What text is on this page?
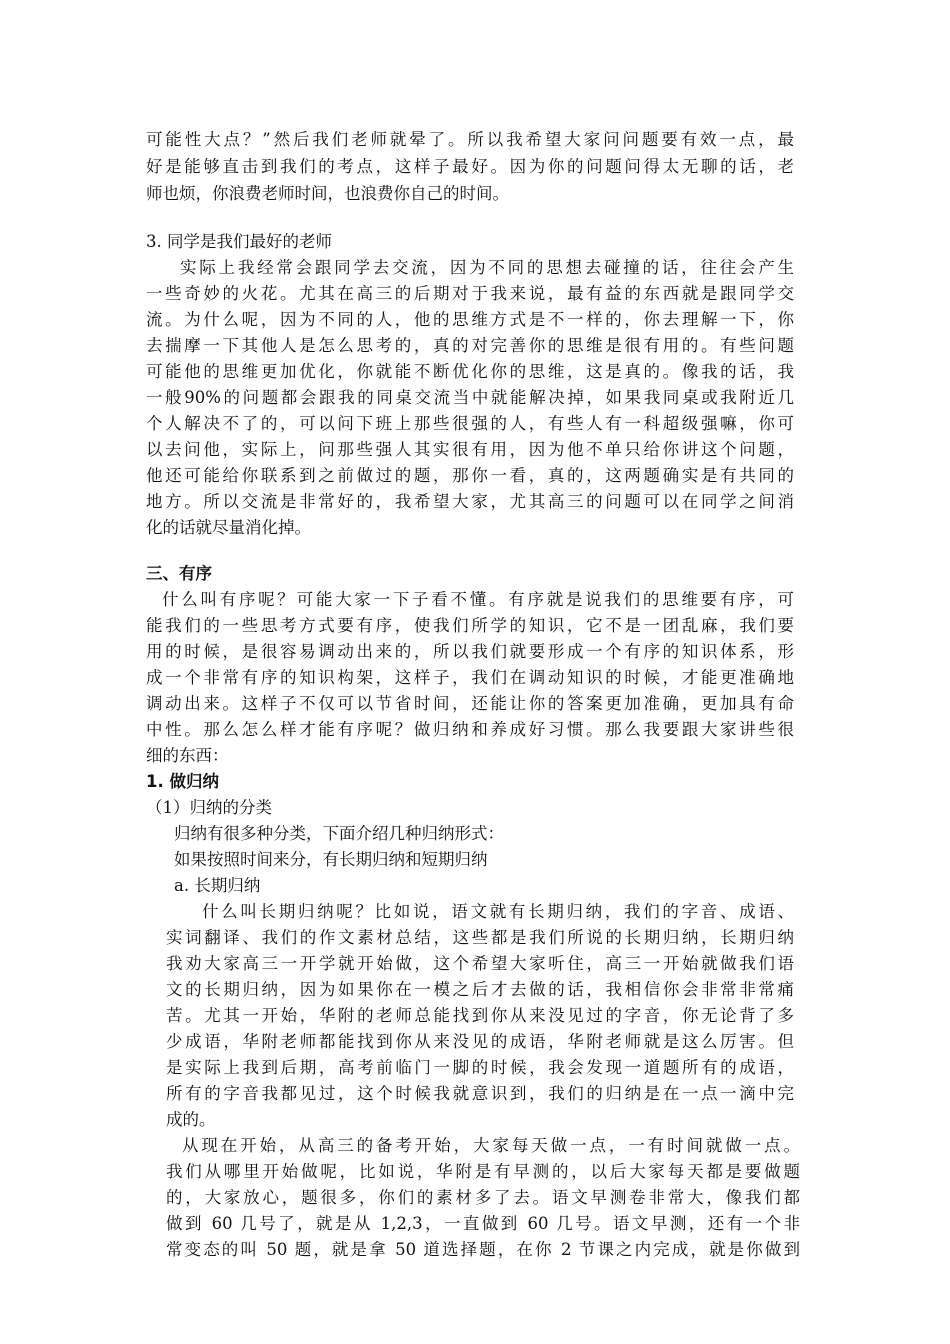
可能性大点？”然后我们老师就晕了。所以我希望大家问问题要有效一点，最
好是能够直击到我们的考点，这样子最好。因为你的问题问得太无聊的话，老
师也烦，你浪费老师时间，也浪费你自己的时间。
3. 同学是我们最好的老师
实际上我经常会跟同学去交流，因为不同的思想去碰撞的话，往往会产生
一些奇妙的火花。尤其在高三的后期对于我来说，最有益的东西就是跟同学交
流。为什么呢，因为不同的人，他的思维方式是不一样的，你去理解一下，你
去揣摩一下其他人是怎么思考的，真的对完善你的思维是很有用的。有些问题
可能他的思维更加优化，你就能不断优化你的思维，这是真的。像我的话，我
一般90%的问题都会跟我的同桌交流当中就能解决掉，如果我同桌或我附近几
个人解决不了的，可以问下班上那些很强的人，有些人有一科超级强嘛，你可
以去问他，实际上，问那些强人其实很有用，因为他不单只给你讲这个问题，
他还可能给你联系到之前做过的题，那你一看，真的，这两题确实是有共同的
地方。所以交流是非常好的，我希望大家，尤其高三的问题可以在同学之间消
化的话就尽量消化掉。
三、有序
什么叫有序呢？可能大家一下子看不懂。有序就是说我们的思维要有序，可
能我们的一些思考方式要有序，使我们所学的知识，它不是一团乱麻，我们要
用的时候，是很容易调动出来的，所以我们就要形成一个有序的知识体系，形
成一个非常有序的知识构架，这样子，我们在调动知识的时候，才能更准确地
调动出来。这样子不仅可以节省时间，还能让你的答案更加准确，更加具有命
中性。那么怎么样才能有序呢？做归纳和养成好习惯。那么我要跟大家讲些很
细的东西：
1. 做归纳
（1）归纳的分类
归纳有很多种分类，下面介绍几种归纳形式：
如果按照时间来分，有长期归纳和短期归纳
a. 长期归纳
什么叫长期归纳呢？比如说，语文就有长期归纳，我们的字音、成语、
实词翻译、我们的作文素材总结，这些都是我们所说的长期归纳，长期归纳
我劝大家高三一开学就开始做，这个希望大家听住，高三一开始就做我们语
文的长期归纳，因为如果你在一模之后才去做的话，我相信你会非常非常痛
苦。尤其一开始，华附的老师总能找到你从来没见过的字音，你无论背了多
少成语，华附老师都能找到你从来没见的成语，华附老师就是这么厉害。但
是实际上我到后期，高考前临门一脚的时候，我会发现一道题所有的成语，
所有的字音我都见过，这个时候我就意识到，我们的归纳是在一点一滴中完
成的。
从现在开始，从高三的备考开始，大家每天做一点，一有时间就做一点。
我们从哪里开始做呢，比如说，华附是有早测的，以后大家每天都是要做题
的，大家放心，题很多，你们的素材多了去。语文早测卷非常大，像我们都
做到 60 几号了，就是从 1,2,3，一直做到 60 几号。语文早测，还有一个非
常变态的叫 50 题，就是拿 50 道选择题，在你 2 节课之内完成，就是你做到
